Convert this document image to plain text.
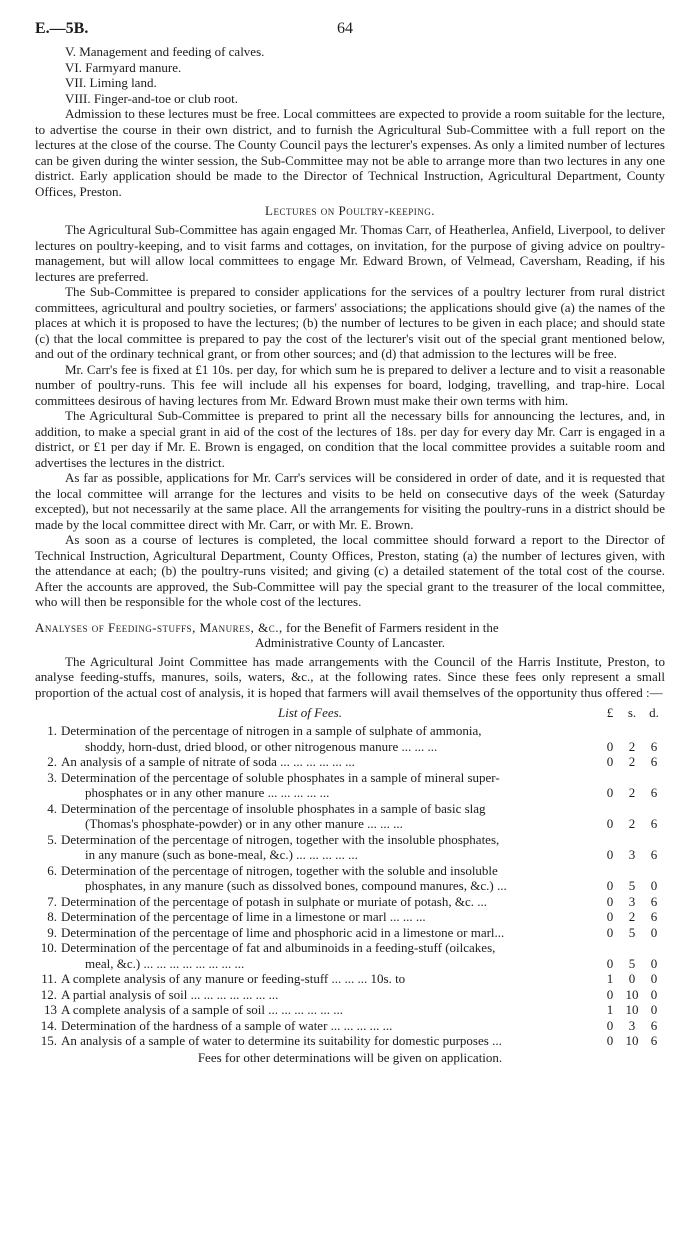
E.—5B.	64

V. Management and feeding of calves.

VI. Farmyard manure.

VII. Liming land.

VIII. Finger-and-toe or club root.

Admission to these lectures must be free. Local committees are expected to provide a room suitable for the lecture, to advertise the course in their own district, and to furnish the Agricultural Sub-Committee with a full report on the lectures at the close of the course. The County Council pays the lecturer's expenses. As only a limited number of lectures can be given during the winter session, the Sub-Committee may not be able to arrange more than two lectures in any one district. Early application should be made to the Director of Technical Instruction, Agricultural Department, County Offices, Preston.

Lectures on Poultry-keeping.

The Agricultural Sub-Committee has again engaged Mr. Thomas Carr, of Heatherlea, Anfield, Liverpool, to deliver lectures on poultry-keeping, and to visit farms and cottages, on invitation, for the purpose of giving advice on poultry-management, but will allow local committees to engage Mr. Edward Brown, of Velmead, Caversham, Reading, if his lectures are preferred.

The Sub-Committee is prepared to consider applications for the services of a poultry lecturer from rural district committees, agricultural and poultry societies, or farmers' associations; the applications should give (a) the names of the places at which it is proposed to have the lectures; (b) the number of lectures to be given in each place; and should state (c) that the local committee is prepared to pay the cost of the lecturer's visit out of the special grant mentioned below, and out of the ordinary technical grant, or from other sources; and (d) that admission to the lectures will be free.

Mr. Carr's fee is fixed at £1 10s. per day, for which sum he is prepared to deliver a lecture and to visit a reasonable number of poultry-runs. This fee will include all his expenses for board, lodging, travelling, and trap-hire. Local committees desirous of having lectures from Mr. Edward Brown must make their own terms with him.

The Agricultural Sub-Committee is prepared to print all the necessary bills for announcing the lectures, and, in addition, to make a special grant in aid of the cost of the lectures of 18s. per day for every day Mr. Carr is engaged in a district, or £1 per day if Mr. E. Brown is engaged, on condition that the local committee provides a suitable room and advertises the lectures in the district.

As far as possible, applications for Mr. Carr's services will be considered in order of date, and it is requested that the local committee will arrange for the lectures and visits to be held on consecutive days of the week (Saturday excepted), but not necessarily at the same place. All the arrangements for visiting the poultry-runs in a district should be made by the local committee direct with Mr. Carr, or with Mr. E. Brown.

As soon as a course of lectures is completed, the local committee should forward a report to the Director of Technical Instruction, Agricultural Department, County Offices, Preston, stating (a) the number of lectures given, with the attendance at each; (b) the poultry-runs visited; and giving (c) a detailed statement of the total cost of the course. After the accounts are approved, the Sub-Committee will pay the special grant to the treasurer of the local committee, who will then be responsible for the whole cost of the lectures.

Analyses of Feeding-stuffs, Manures, &c., for the Benefit of Farmers resident in the
Administrative County of Lancaster.

The Agricultural Joint Committee has made arrangements with the Council of the Harris Institute, Preston, to analyse feeding-stuffs, manures, soils, waters, &c., at the following rates. Since these fees only represent a small proportion of the actual cost of analysis, it is hoped that farmers will avail themselves of the opportunity thus offered :—

List of Fees.	£ s. d.
1. Determination of the percentage of nitrogen in a sample of sulphate of ammonia,
shoddy, horn-dust, dried blood, or other nitrogenous manure ... ... ...	0	2	6
2. An analysis of a sample of nitrate of soda ... ... ... ... ... ...	0	2	6
3. Determination of the percentage of soluble phosphates in a sample of mineral super-
phosphates or in any other manure ... ... ... ... ...	0	2	6
4. Determination of the percentage of insoluble phosphates in a sample of basic slag
(Thomas's phosphate-powder) or in any other manure ... ... ...	0	2	6
5. Determination of the percentage of nitrogen, together with the insoluble phosphates,
in any manure (such as bone-meal, &c.) ... ... ... ... ...	0	3	6
6. Determination of the percentage of nitrogen, together with the soluble and insoluble
phosphates, in any manure (such as dissolved bones, compound manures, &c.) ...	0	5	0
7. Determination of the percentage of potash in sulphate or muriate of potash, &c. ...	0	3	6
8. Determination of the percentage of lime in a limestone or marl ... ... ...	0	2	6
9. Determination of the percentage of lime and phosphoric acid in a limestone or marl...	0	5	0
10. Determination of the percentage of fat and albuminoids in a feeding-stuff (oilcakes,
meal, &c.) ... ... ... ... ... ... ... ...	0	5	0
11. A complete analysis of any manure or feeding-stuff ... ... ... 10s. to	1	0	0
12. A partial analysis of soil ... ... ... ... ... ... ...	0 10 0
13 A complete analysis of a sample of soil ... ... ... ... ... ...	1 10 0
14. Determination of the hardness of a sample of water ... ... ... ... ...	0	3	6
15. An analysis of a sample of water to determine its suitability for domestic purposes ...	0 10 6
Fees for other determinations will be given on application.
